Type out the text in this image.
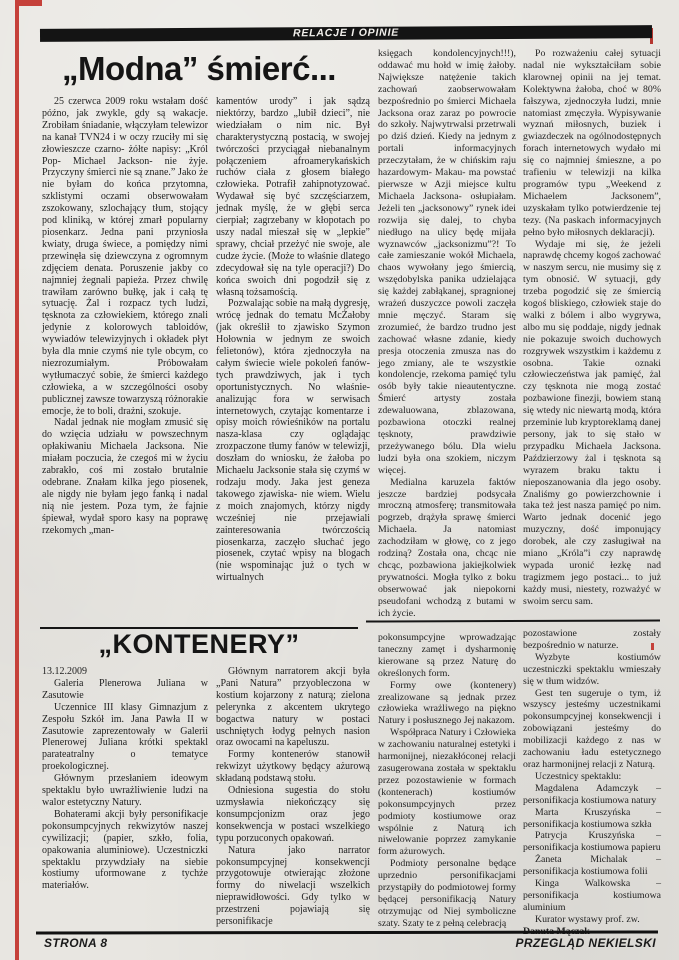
RELACJE I OPINIE
„Modna” śmierć...

25 czerwca 2009 roku wstałam dość późno, jak zwykle, gdy są wakacje. Zrobiłam śniadanie, włączyłam telewizor na kanał TVN24 i w oczy rzuciły mi się złowieszcze czarno- żółte napisy: „Król Pop- Michael Jackson- nie żyje. Przyczyny śmierci nie są znane.” Jako że nie byłam do końca przytomna, szklistymi oczami obserwowałam zszokowany, szlochający tłum, stojący pod kliniką, w której zmarł popularny piosenkarz. Jedna pani przyniosła kwiaty, druga świece, a pomiędzy nimi przewinęła się dziewczyna z ogromnym zdjęciem denata. Poruszenie jakby co najmniej żegnali papieża. Przez chwilę trawiłam zarówno bułkę, jak i całą tę sytuację. Żal i rozpacz tych ludzi, tęsknota za człowiekiem, którego znali jedynie z kolorowych tabloidów, wywiadów telewizyjnych i okładek płyt była dla mnie czymś nie tyle obcym, co niezrozumiałym. Próbowałam wytłumaczyć sobie, że śmierci każdego człowieka, a w szczególności osoby publicznej zawsze towarzyszą różnorakie emocje, że to boli, drażni, szokuje.

Nadal jednak nie mogłam zmusić się do wzięcia udziału w powszechnym opłakiwaniu Michaela Jacksona. Nie miałam poczucia, że czegoś mi w życiu zabrakło, coś mi zostało brutalnie odebrane. Znałam kilka jego piosenek, ale nigdy nie byłam jego fanką i nadal nią nie jestem. Poza tym, że fajnie śpiewał, wydał sporo kasy na poprawę rzekomych „man-

kamentów urody” i jak sądzą niektórzy, bardzo „lubił dzieci”, nie wiedziałam o nim nic. Był charakterystyczną postacią, w swojej twórczości przyciągał niebanalnym połączeniem afroamerykańskich ruchów ciała z głosem białego człowieka. Potrafił zahipnotyzować. Wydawał się być szczęściarzem, jednak myślę, że w głębi serca cierpiał; zagrzebany w kłopotach po uszy nadal mieszał się w „lepkie” sprawy, chciał przeżyć nie swoje, ale cudze życie. (Może to właśnie dlatego zdecydował się na tyle operacji?) Do końca swoich dni pogodził się z własną tożsamością.

Pozwalając sobie na małą dygresję, wrócę jednak do tematu McŻałoby (jak określił to zjawisko Szymon Hołownia w jednym ze swoich felietonów), która zjednoczyła na całym świecie wiele pokoleń fanów- tych prawdziwych, jak i tych oportunistycznych. No właśnie- analizując fora w serwisach internetowych, czytając komentarze i opisy moich rówieśników na portalu nasza-klasa czy oglądając zrozpaczone tłumy fanów w telewizji, doszłam do wniosku, że żałoba po Michaelu Jacksonie stała się czymś w rodzaju mody. Jaka jest geneza takowego zjawiska- nie wiem. Wielu z moich znajomych, którzy nigdy wcześniej nie przejawiali zainteresowania twórczością piosenkarza, zaczęło słuchać jego piosenek, czytać wpisy na blogach (nie wspominając już o tych w wirtualnych

księgach kondolencyjnych!!!), oddawać mu hołd w imię żałoby. Największe natężenie takich zachowań zaobserwowałam bezpośrednio po śmierci Michaela Jacksona oraz zaraz po powrocie do szkoły. Najwytrwalsi przetrwali po dziś dzień. Kiedy na jednym z portali informacyjnych przeczytałam, że w chińskim raju hazardowym- Makau- ma powstać pierwsze w Azji miejsce kultu Michaela Jacksona- osłupiałam. Jeżeli ten „jacksonowy” rynek idei rozwija się dalej, to chyba niedługo na ulicy będę mijała wyznawców „jacksonizmu”?! To całe zamieszanie wokół Michaela, chaos wywołany jego śmiercią, wszędobylska panika udzielająca się każdej zabłąkanej, spragnionej wrażeń duszyczce powoli zaczęła mnie męczyć. Staram się zrozumieć, że bardzo trudno jest zachować własne zdanie, kiedy presja otoczenia zmusza nas do jego zmiany, ale te wszystkie kondolencje, rzekoma pamięć tylu osób były takie nieautentyczne. Śmierć artysty została zdewaluowana, zblazowana, pozbawiona otoczki realnej tęsknoty, prawdziwie przeżywanego bólu. Dla wielu ludzi była ona szokiem, niczym więcej.

Medialna karuzela faktów jeszcze bardziej podsycała mroczną atmosferę; transmitowała pogrzeb, drążyła sprawę śmierci Michaela. Ja natomiast zachodziłam w głowę, co z jego rodziną? Została ona, chcąc nie chcąc, pozbawiona jakiejkolwiek prywatności. Mogła tylko z boku obserwować jak niepokorni pseudofani wchodzą z butami w ich życie.

Po rozważeniu całej sytuacji nadal nie wykształciłam sobie klarownej opinii na jej temat. Kolektywna żałoba, choć w 80% fałszywa, zjednoczyła ludzi, mnie natomiast zmęczyła. Wypisywanie wyznań miłosnych, buziek i gwiazdeczek na ogólnodostępnych forach internetowych wydało mi się co najmniej śmieszne, a po trafieniu w telewizji na kilka programów typu „Weekend z Michaelem Jacksonem”, uzyskałam tylko potwierdzenie tej tezy. (Na paskach informacyjnych pełno było miłosnych deklaracji).

Wydaje mi się, że jeżeli naprawdę chcemy kogoś zachować w naszym sercu, nie musimy się z tym obnosić. W sytuacji, gdy trzeba pogodzić się ze śmiercią kogoś bliskiego, człowiek staje do walki z bólem i albo wygrywa, albo mu się poddaje, nigdy jednak nie pokazuje swoich duchowych rozgrywek wszystkim i każdemu z osobna. Takie oznaki człowieczeństwa jak pamięć, żal czy tęsknota nie mogą zostać pozbawione finezji, bowiem staną się wtedy nic niewartą modą, która przeminie lub kryptoreklamą danej persony, jak to się stało w przypadku Michaela Jacksona. Paździerzowy żal i tęsknota są wyrazem braku taktu i nieposzanowania dla jego osoby. Znaliśmy go powierzchownie i taka też jest nasza pamięć po nim. Warto jednak docenić jego muzyczny, dość imponujący dorobek, ale czy zasługiwał na miano „Króla”i czy naprawdę wypada uronić łezkę nad tragizmem jego postaci... to już każdy musi, niestety, rozważyć w swoim sercu sam.

„KONTENERY”

13.12.2009

Galeria Plenerowa Juliana w Zasutowie

Uczennice III klasy Gimnazjum z Zespołu Szkół im. Jana Pawła II w Zasutowie zaprezentowały w Galerii Plenerowej Juliana krótki spektakl parateatralny o tematyce proekologicznej.

Głównym przesłaniem ideowym spektaklu było uwrażliwienie ludzi na walor estetyczny Natury.

Bohaterami akcji były personifikacje pokonsumpcyjnych rekwizytów naszej cywilizacji; (papier, szkło, folia, opakowania aluminiowe). Uczestniczki spektaklu przywdziały na siebie kostiumy uformowane z tychże materiałów.

Głównym narratorem akcji była „Pani Natura” przyobleczona w kostium kojarzony z naturą; zielona pelerynka z akcentem ukrytego bogactwa natury w postaci uschniętych łodyg pełnych nasion oraz owocami na kapeluszu.

Formy kontenerów stanowił rekwizyt użytkowy będący ażurową składaną podstawą stołu.

Odniesiona sugestia do stołu uzmysławia niekończący się konsumpcjonizm oraz jego konsekwencja w postaci wszelkiego typu porzuconych opakowań.

Natura jako narrator pokonsumpcyjnej konsekwencji przygotowuje otwierając złożone formy do niwelacji wszelkich nieprawidłowości. Gdy tylko w przestrzeni pojawiają się personifikacje

pokonsumpcyjne wprowadzając taneczny zamęt i dysharmonię kierowane są przez Naturę do określonych form.

Formy owe (kontenery) zrealizowane są jednak przez człowieka wrażliwego na piękno Natury i posłusznego Jej nakazom.

Współpraca Natury i Człowieka w zachowaniu naturalnej estetyki i harmonijnej, niezakłóconej relacji zasugerowana została w spektaklu przez pozostawienie w formach (kontenerach) kostiumów pokonsumpcyjnych przez podmioty kostiumowe oraz wspólnie z Naturą ich niwelowanie poprzez zamykanie form ażurowych.

Podmioty personalne będące uprzednio personifikacjami przystąpiły do podmiotowej formy będącej personifikacją Natury otrzymując od Niej symboliczne szaty. Szaty te z pełną celebracją

pozostawione zostały bezpośrednio w naturze.

Wyzbyte kostiumów uczestniczki spektaklu wmieszały się w tłum widzów.

Gest ten sugeruje o tym, iż wszyscy jesteśmy uczestnikami pokonsumpcyjnej konsekwencji i zobowiązani jesteśmy do mobilizacji każdego z nas w zachowaniu ładu estetycznego oraz harmonijnej relacji z Naturą.

Uczestnicy spektaklu:

Magdalena Adamczyk – personifikacja kostiumowa natury

Marta Kruszyńska – personifikacja kostiumowa szkła

Patrycja Kruszyńska – personifikacja kostiumowa papieru

Żaneta Michalak – personifikacja kostiumowa folii

Kinga Walkowska – personifikacja kostiumowa aluminium

Kurator wystawy prof. zw.

STRONA 8	PRZEGLĄD NEKIELSKI
